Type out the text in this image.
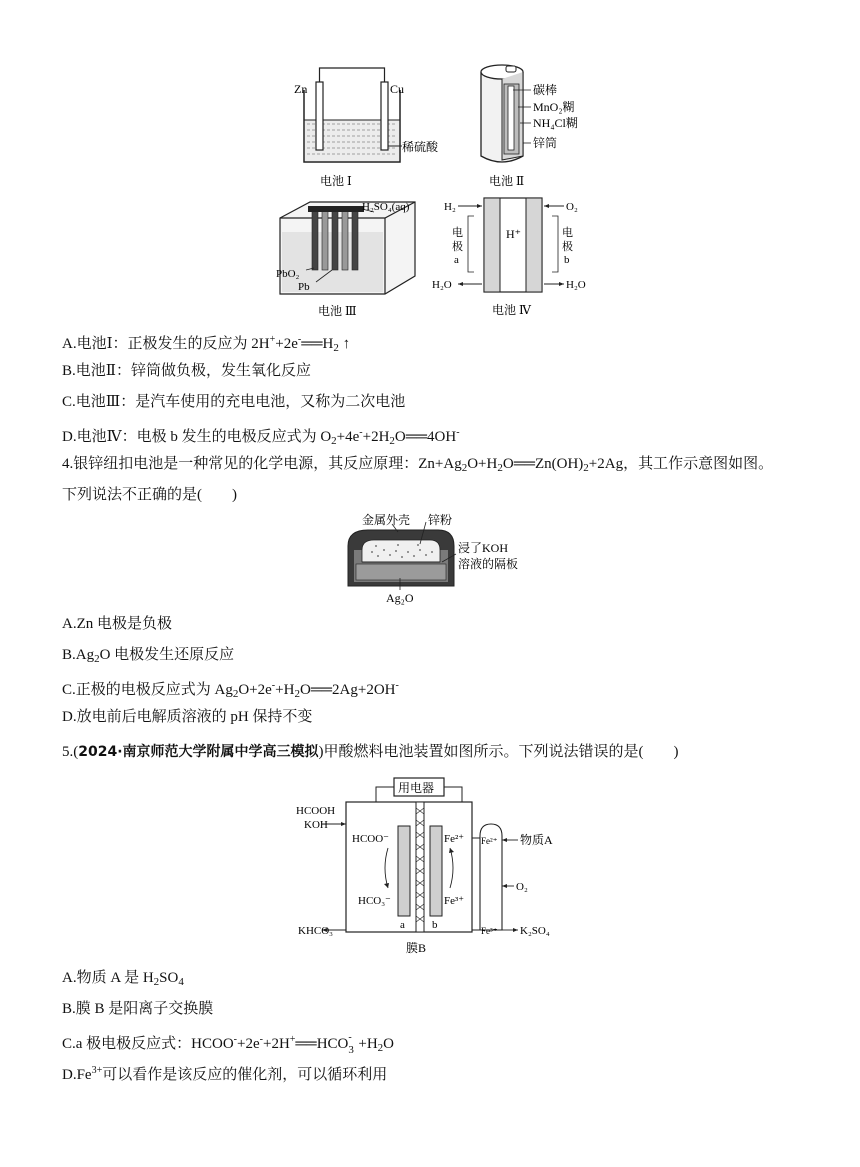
Zn	Cu
稀硫酸
电池 Ⅰ
碳棒
MnO₂糊
NH₄Cl糊
锌筒
电池 Ⅱ
H₂SO₄(aq)
PbO₂
Pb
电池 Ⅲ
H₂	O₂
H⁺
电
极
a
电
极
b
H₂O	H₂O
电池 Ⅳ
A.电池Ⅰ：正极发生的反应为 $2H^++2e^-══H_2$ ↑
B.电池Ⅱ：锌筒做负极，发生氧化反应
C.电池Ⅲ：是汽车使用的充电电池，又称为二次电池
D.电池Ⅳ：电极 b 发生的电极反应式为 $O_2+4e^-+2H_2O══4OH^-$
4.银锌纽扣电池是一种常见的化学电源，其反应原理：$Zn+Ag_2O+H_2O══Zn(OH)_2+2Ag$，其工作示意图如图。
下列说法不正确的是(　　)
金属外壳 锌粉
浸了KOH
溶液的隔板
Ag₂O
A.Zn 电极是负极
$B.Ag_2O$ 电极发生还原反应
C.正极的电极反应式为 $Ag_2O+2e^-+H_2O══2Ag+2OH^-$
D.放电前后电解质溶液的 pH 保持不变
5.(2024·南京师范大学附属中学高三模拟)甲酸燃料电池装置如图所示。下列说法错误的是(　　)
用电器
HCOOH
KOH
HCOO⁻
HCO₃⁻
KHCO₃	a b
Fe²⁺
Fe³⁺
Fe²⁺
Fe³⁺
物质A
O₂
K₂SO₄
膜B
A.物质 A 是 $H_2SO_4$
B.膜 B 是阳离子交换膜
C.a 极电极反应式：HCOO-+2e-+2H+══HCO -
$3 +H_2O$
$D.Fe^{3+}$可以看作是该反应的催化剂，可以循环利用
